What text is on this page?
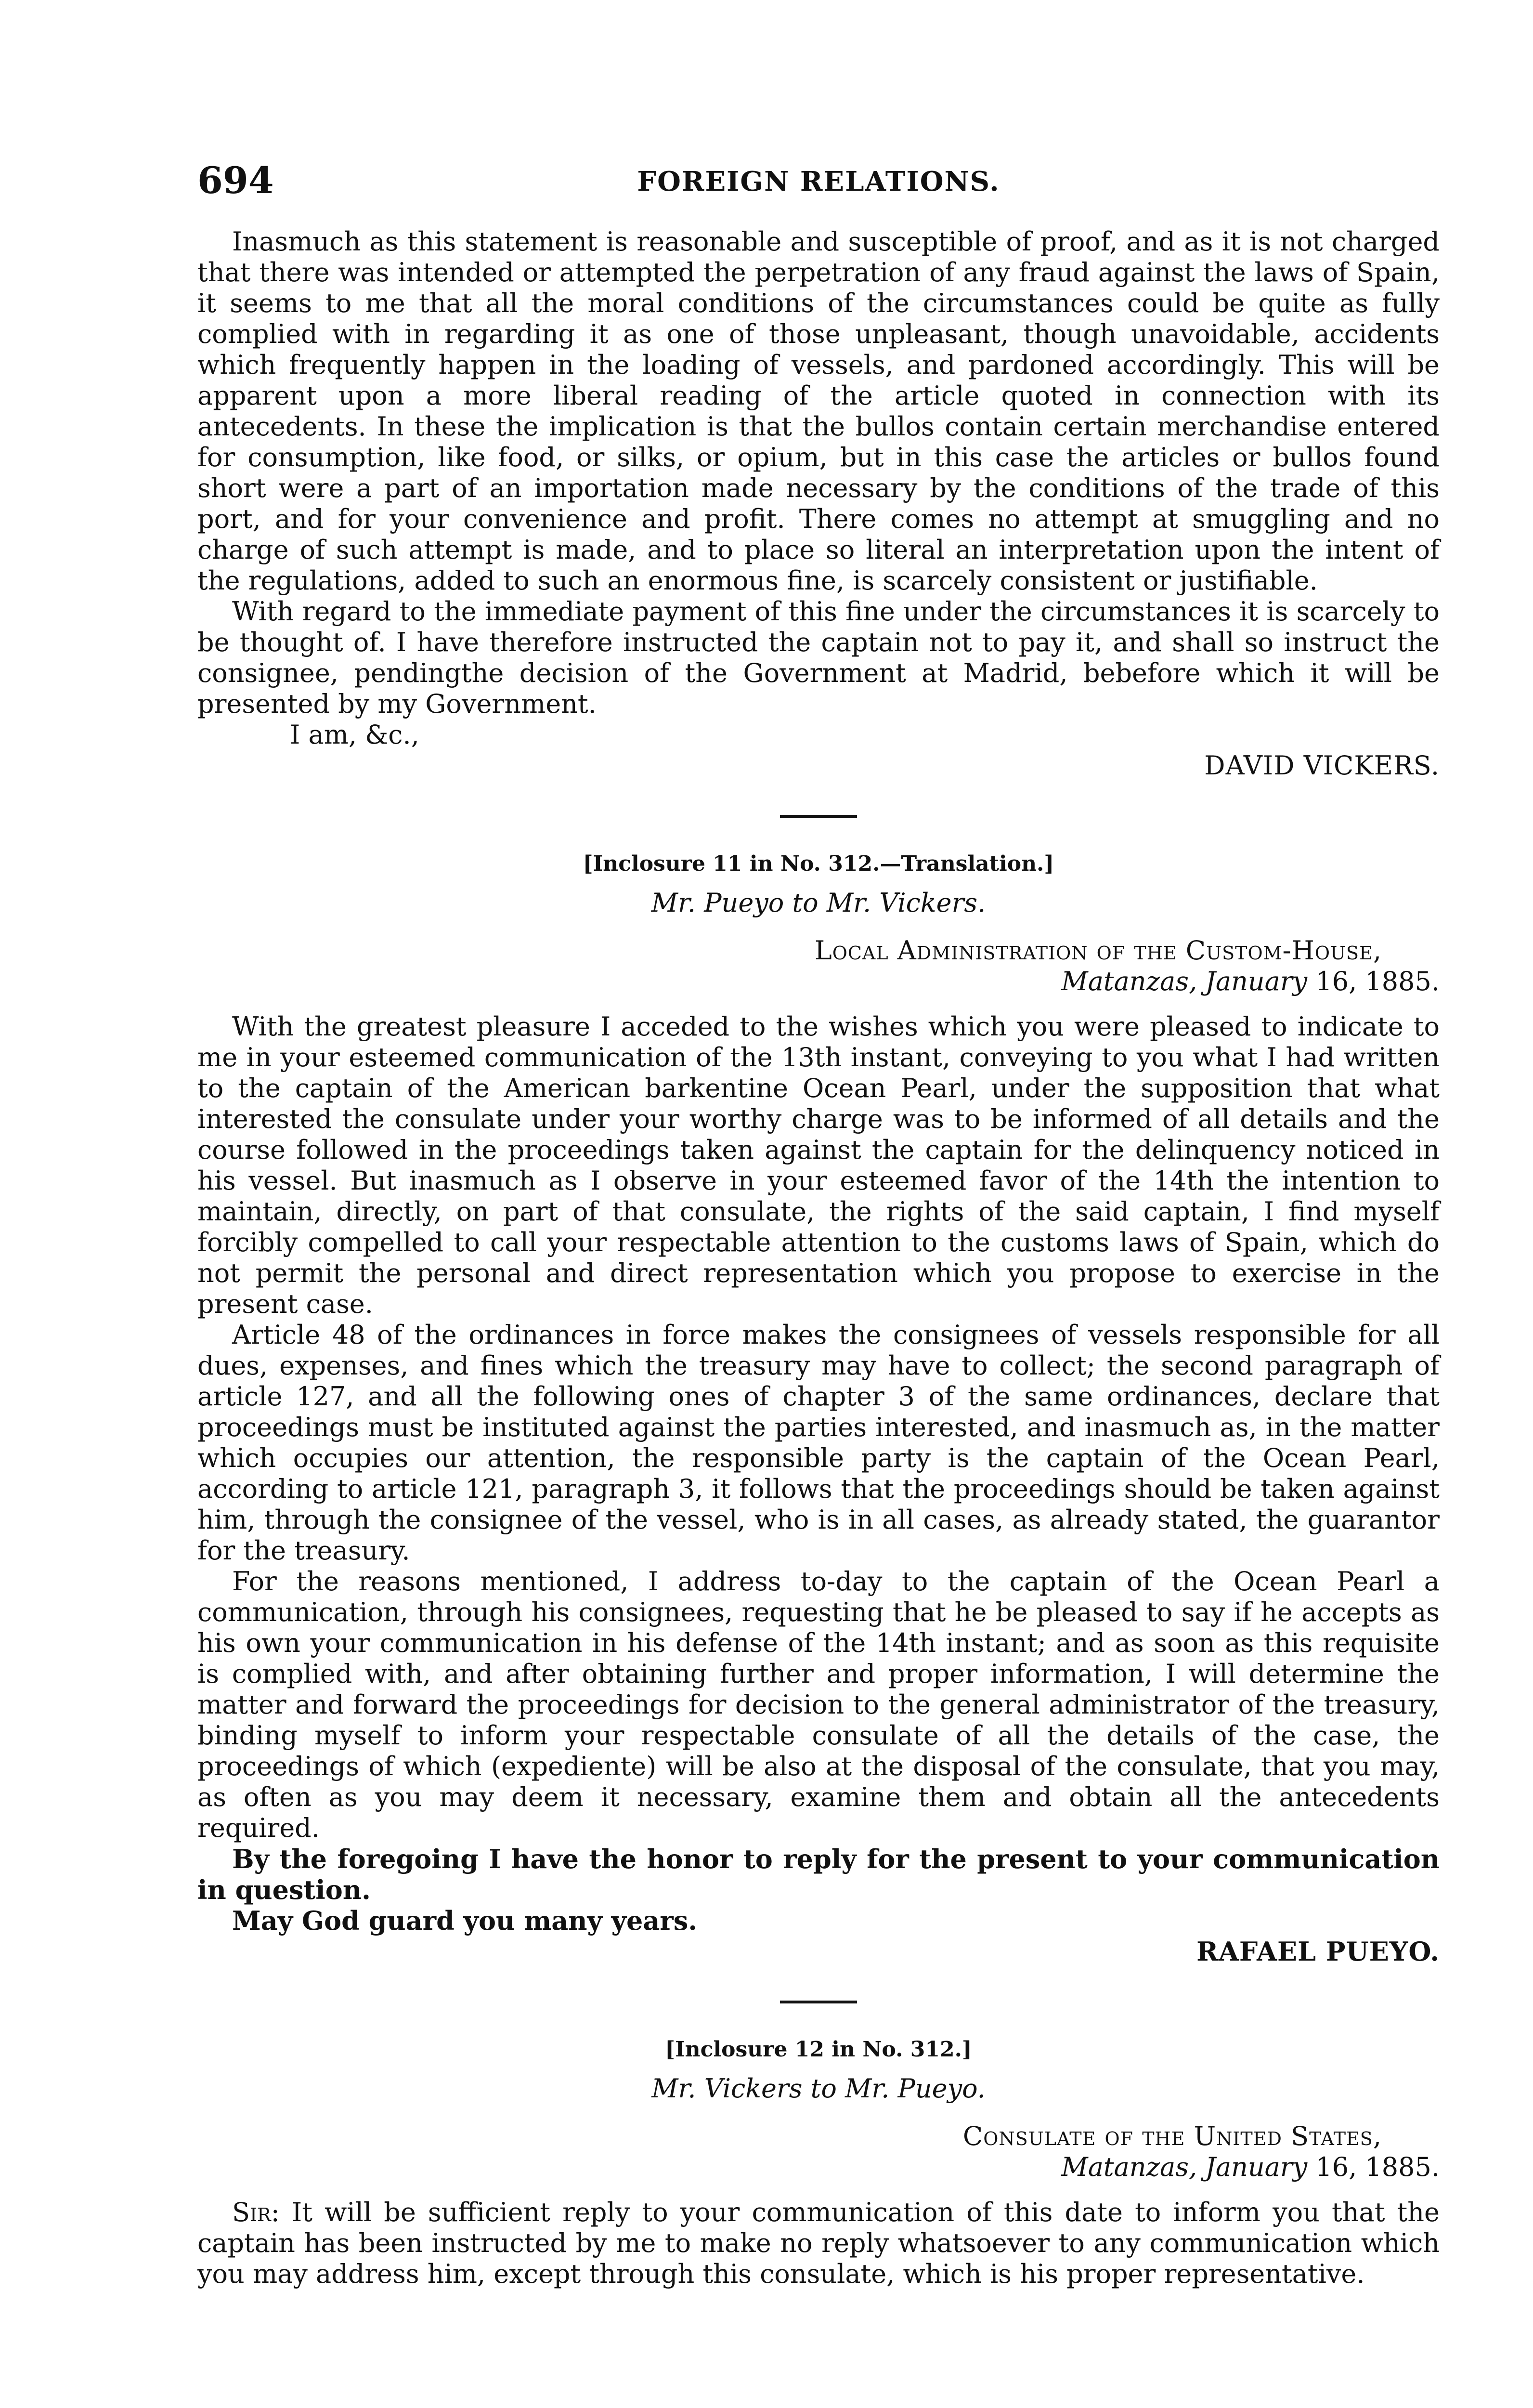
694	FOREIGN RELATIONS.

Inasmuch as this statement is reasonable and susceptible of proof, and as it is not charged that there was intended or attempted the perpetration of any fraud against the laws of Spain, it seems to me that all the moral conditions of the circumstances could be quite as fully complied with in regarding it as one of those unpleasant, though unavoidable, accidents which frequently happen in the loading of vessels, and pardoned accordingly. This will be apparent upon a more liberal reading of the article quoted in connection with its antecedents. In these the implication is that the bullos contain certain merchandise entered for consumption, like food, or silks, or opium, but in this case the articles or bullos found short were a part of an importation made necessary by the conditions of the trade of this port, and for your convenience and profit. There comes no attempt at smuggling and no charge of such attempt is made, and to place so literal an interpretation upon the intent of the regulations, added to such an enormous fine, is scarcely consistent or justifiable.

With regard to the immediate payment of this fine under the circumstances it is scarcely to be thought of. I have therefore instructed the captain not to pay it, and shall so instruct the consignee, pendingthe decision of the Government at Madrid, bebefore which it will be presented by my Government.

I am, &c.,

DAVID VICKERS.

[Inclosure 11 in No. 312.—Translation.]

Mr. Pueyo to Mr. Vickers.

Local Administration of the Custom-House,

Matanzas, January 16, 1885.

With the greatest pleasure I acceded to the wishes which you were pleased to indicate to me in your esteemed communication of the 13th instant, conveying to you what I had written to the captain of the American barkentine Ocean Pearl, under the supposition that what interested the consulate under your worthy charge was to be informed of all details and the course followed in the proceedings taken against the captain for the delinquency noticed in his vessel. But inasmuch as I observe in your esteemed favor of the 14th the intention to maintain, directly, on part of that consulate, the rights of the said captain, I find myself forcibly compelled to call your respectable attention to the customs laws of Spain, which do not permit the personal and direct representation which you propose to exercise in the present case.

Article 48 of the ordinances in force makes the consignees of vessels responsible for all dues, expenses, and fines which the treasury may have to collect; the second paragraph of article 127, and all the following ones of chapter 3 of the same ordinances, declare that proceedings must be instituted against the parties interested, and inasmuch as, in the matter which occupies our attention, the responsible party is the captain of the Ocean Pearl, according to article 121, paragraph 3, it follows that the proceedings should be taken against him, through the consignee of the vessel, who is in all cases, as already stated, the guarantor for the treasury.

For the reasons mentioned, I address to-day to the captain of the Ocean Pearl a communication, through his consignees, requesting that he be pleased to say if he accepts as his own your communication in his defense of the 14th instant; and as soon as this requisite is complied with, and after obtaining further and proper information, I will determine the matter and forward the proceedings for decision to the general administrator of the treasury, binding myself to inform your respectable consulate of all the details of the case, the proceedings of which (expediente) will be also at the disposal of the consulate, that you may, as often as you may deem it necessary, examine them and obtain all the antecedents required.

By the foregoing I have the honor to reply for the present to your communication in question.

May God guard you many years.

RAFAEL PUEYO.

[Inclosure 12 in No. 312.]

Mr. Vickers to Mr. Pueyo.

Consulate of the United States,

Matanzas, January 16, 1885.

Sir: It will be sufficient reply to your communication of this date to inform you that the captain has been instructed by me to make no reply whatsoever to any communication which you may address him, except through this consulate, which is his proper representative.
